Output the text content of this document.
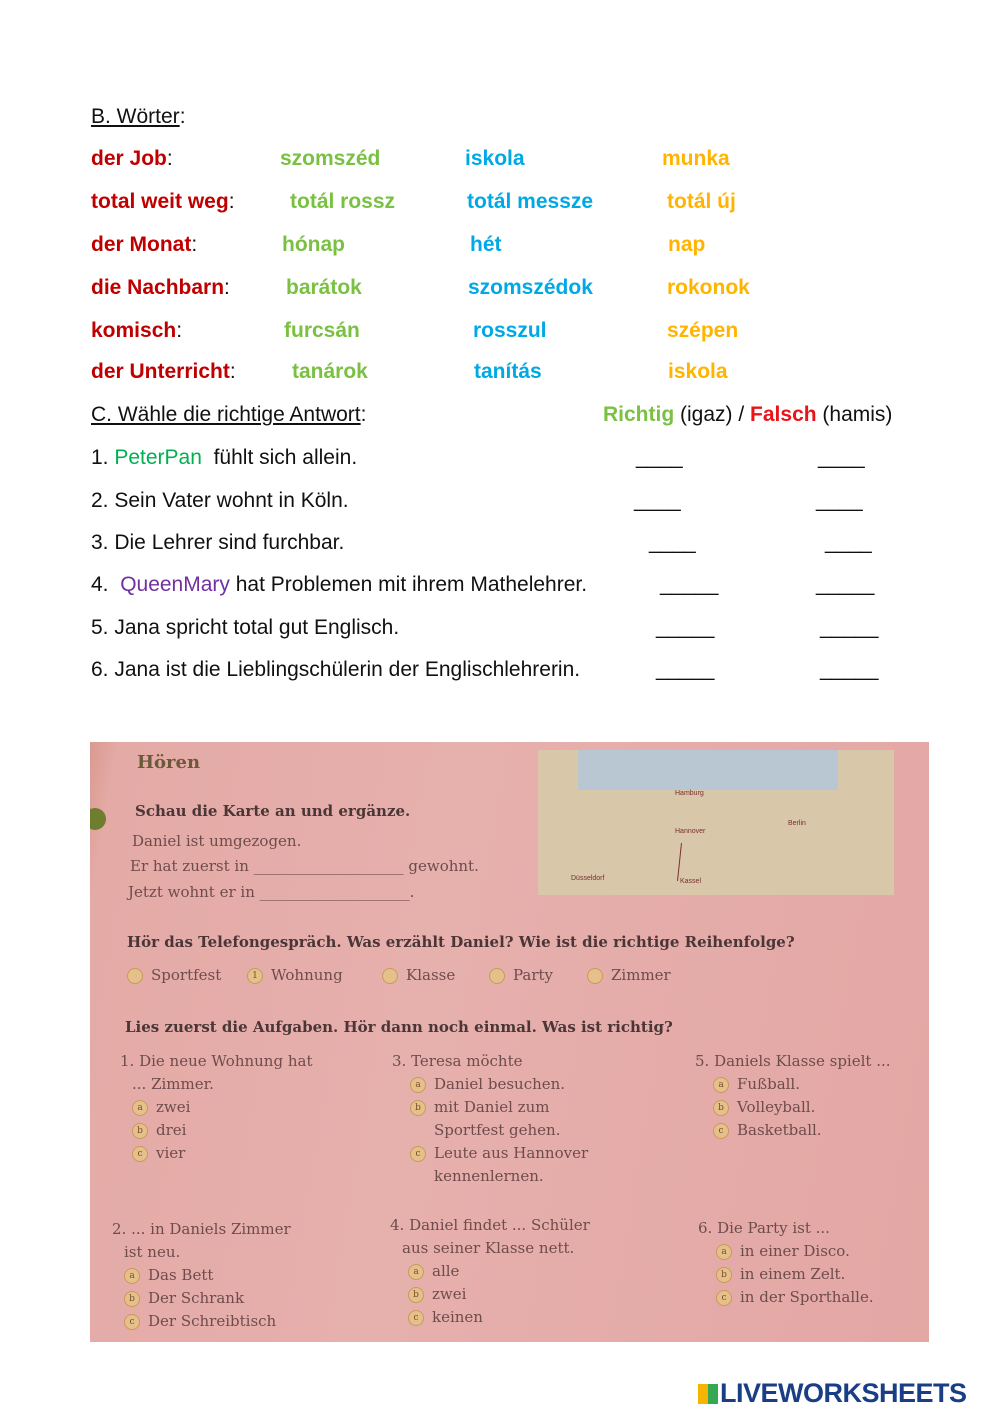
B. Wörter:
der Job:	szomszéd	iskola	munka
total weit weg:	totál rossz	totál messze	totál új
der Monat:	hónap	hét	nap
die Nachbarn:	barátok	szomszédok	rokonok
komisch:	furcsán	rosszul	szépen
der Unterricht:	tanárok	tanítás	iskola
C. Wähle die richtige Antwort:	Richtig (igaz) / Falsch (hamis)
1. PeterPan  fühlt sich allein.	____	____
2. Sein Vater wohnt in Köln.	____	____
3. Die Lehrer sind furchbar.	____	____
4.  QueenMary hat Problemen mit ihrem Mathelehrer.	_____	_____
5. Jana spricht total gut Englisch.	_____	_____
6. Jana ist die Lieblingschülerin der Englischlehrerin.	_____	_____
Hören
Schau die Karte an und ergänze.
Daniel ist umgezogen.
Er hat zuerst in ____________________ gewohnt.
Jetzt wohnt er in ____________________.
Hamburg
Hannover
Berlin
Düsseldorf	Kassel
Hör das Telefongespräch. Was erzählt Daniel? Wie ist die richtige Reihenfolge?
Sportfest	1 Wohnung	Klasse	Party	Zimmer
Lies zuerst die Aufgaben. Hör dann noch einmal. Was ist richtig?
1. Die neue Wohnung hat
... Zimmer.
a zwei
b drei
c vier
3. Teresa möchte
a Daniel besuchen.
b mit Daniel zum
Sportfest gehen.
c Leute aus Hannover
kennenlernen.
5. Daniels Klasse spielt ...
a Fußball.
b Volleyball.
c Basketball.
2. ... in Daniels Zimmer
ist neu.
a Das Bett
b Der Schrank
c Der Schreibtisch
4. Daniel findet ... Schüler
aus seiner Klasse nett.
a alle
b zwei
c keinen
6. Die Party ist ...
a in einer Disco.
b in einem Zelt.
c in der Sporthalle.
LIVEWORKSHEETS
